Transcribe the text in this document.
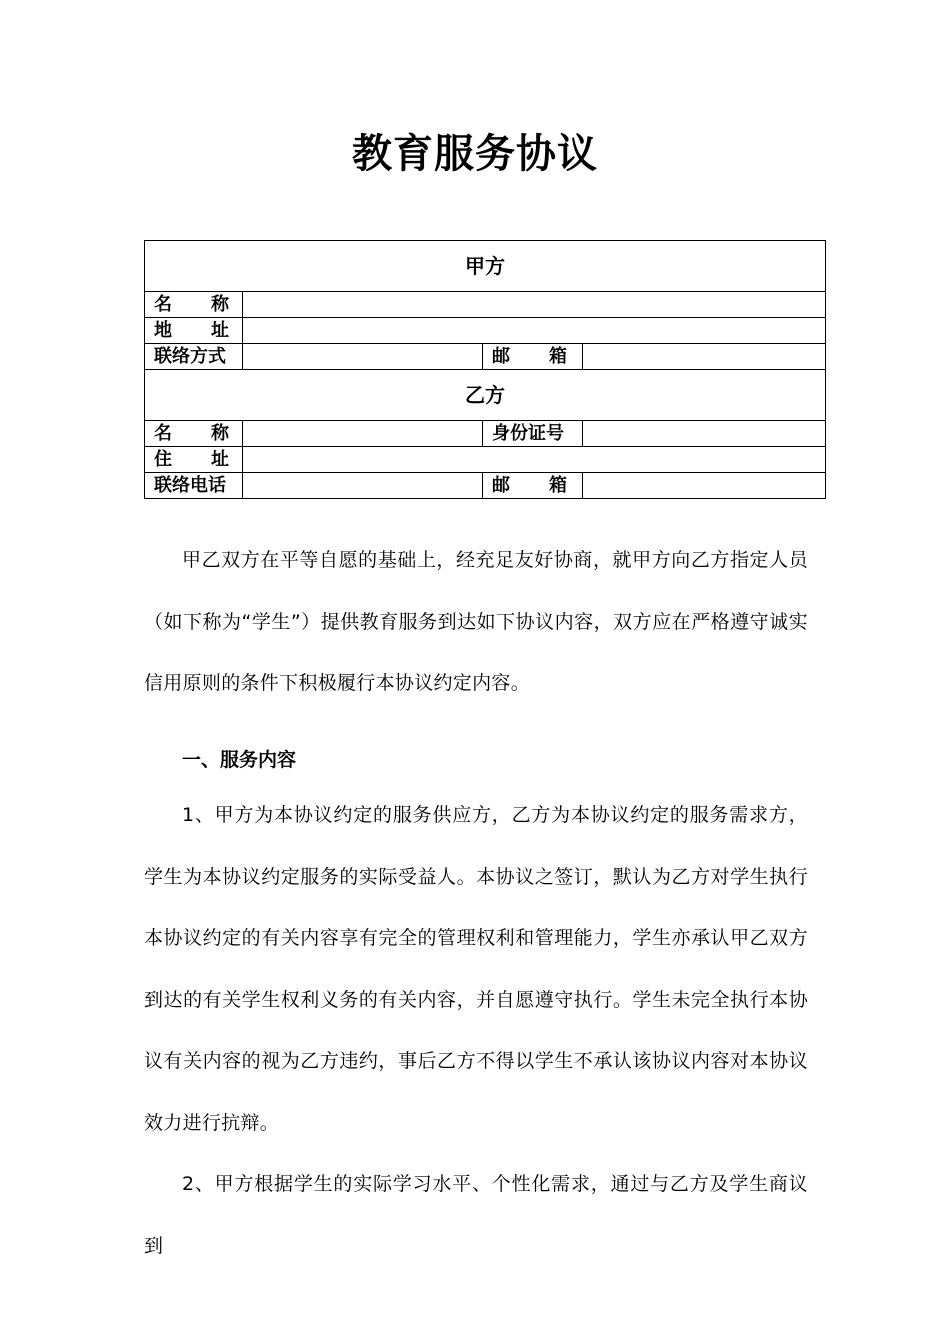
教育服务协议
甲方			
名　称			
地　址			
联络方式		邮　箱	
乙方			
名　称		身份证号	
住　址			
联络电话		邮　箱	

甲乙双方在平等自愿的基础上，经充足友好协商，就甲方向乙方指定人员（如下称为“学生”）提供教育服务到达如下协议内容，双方应在严格遵守诚实信用原则的条件下积极履行本协议约定内容。

一、服务内容

1、甲方为本协议约定的服务供应方，乙方为本协议约定的服务需求方，学生为本协议约定服务的实际受益人。本协议之签订，默认为乙方对学生执行本协议约定的有关内容享有完全的管理权利和管理能力，学生亦承认甲乙双方到达的有关学生权利义务的有关内容，并自愿遵守执行。学生未完全执行本协议有关内容的视为乙方违约，事后乙方不得以学生不承认该协议内容对本协议效力进行抗辩。

2、甲方根据学生的实际学习水平、个性化需求，通过与乙方及学生商议到
